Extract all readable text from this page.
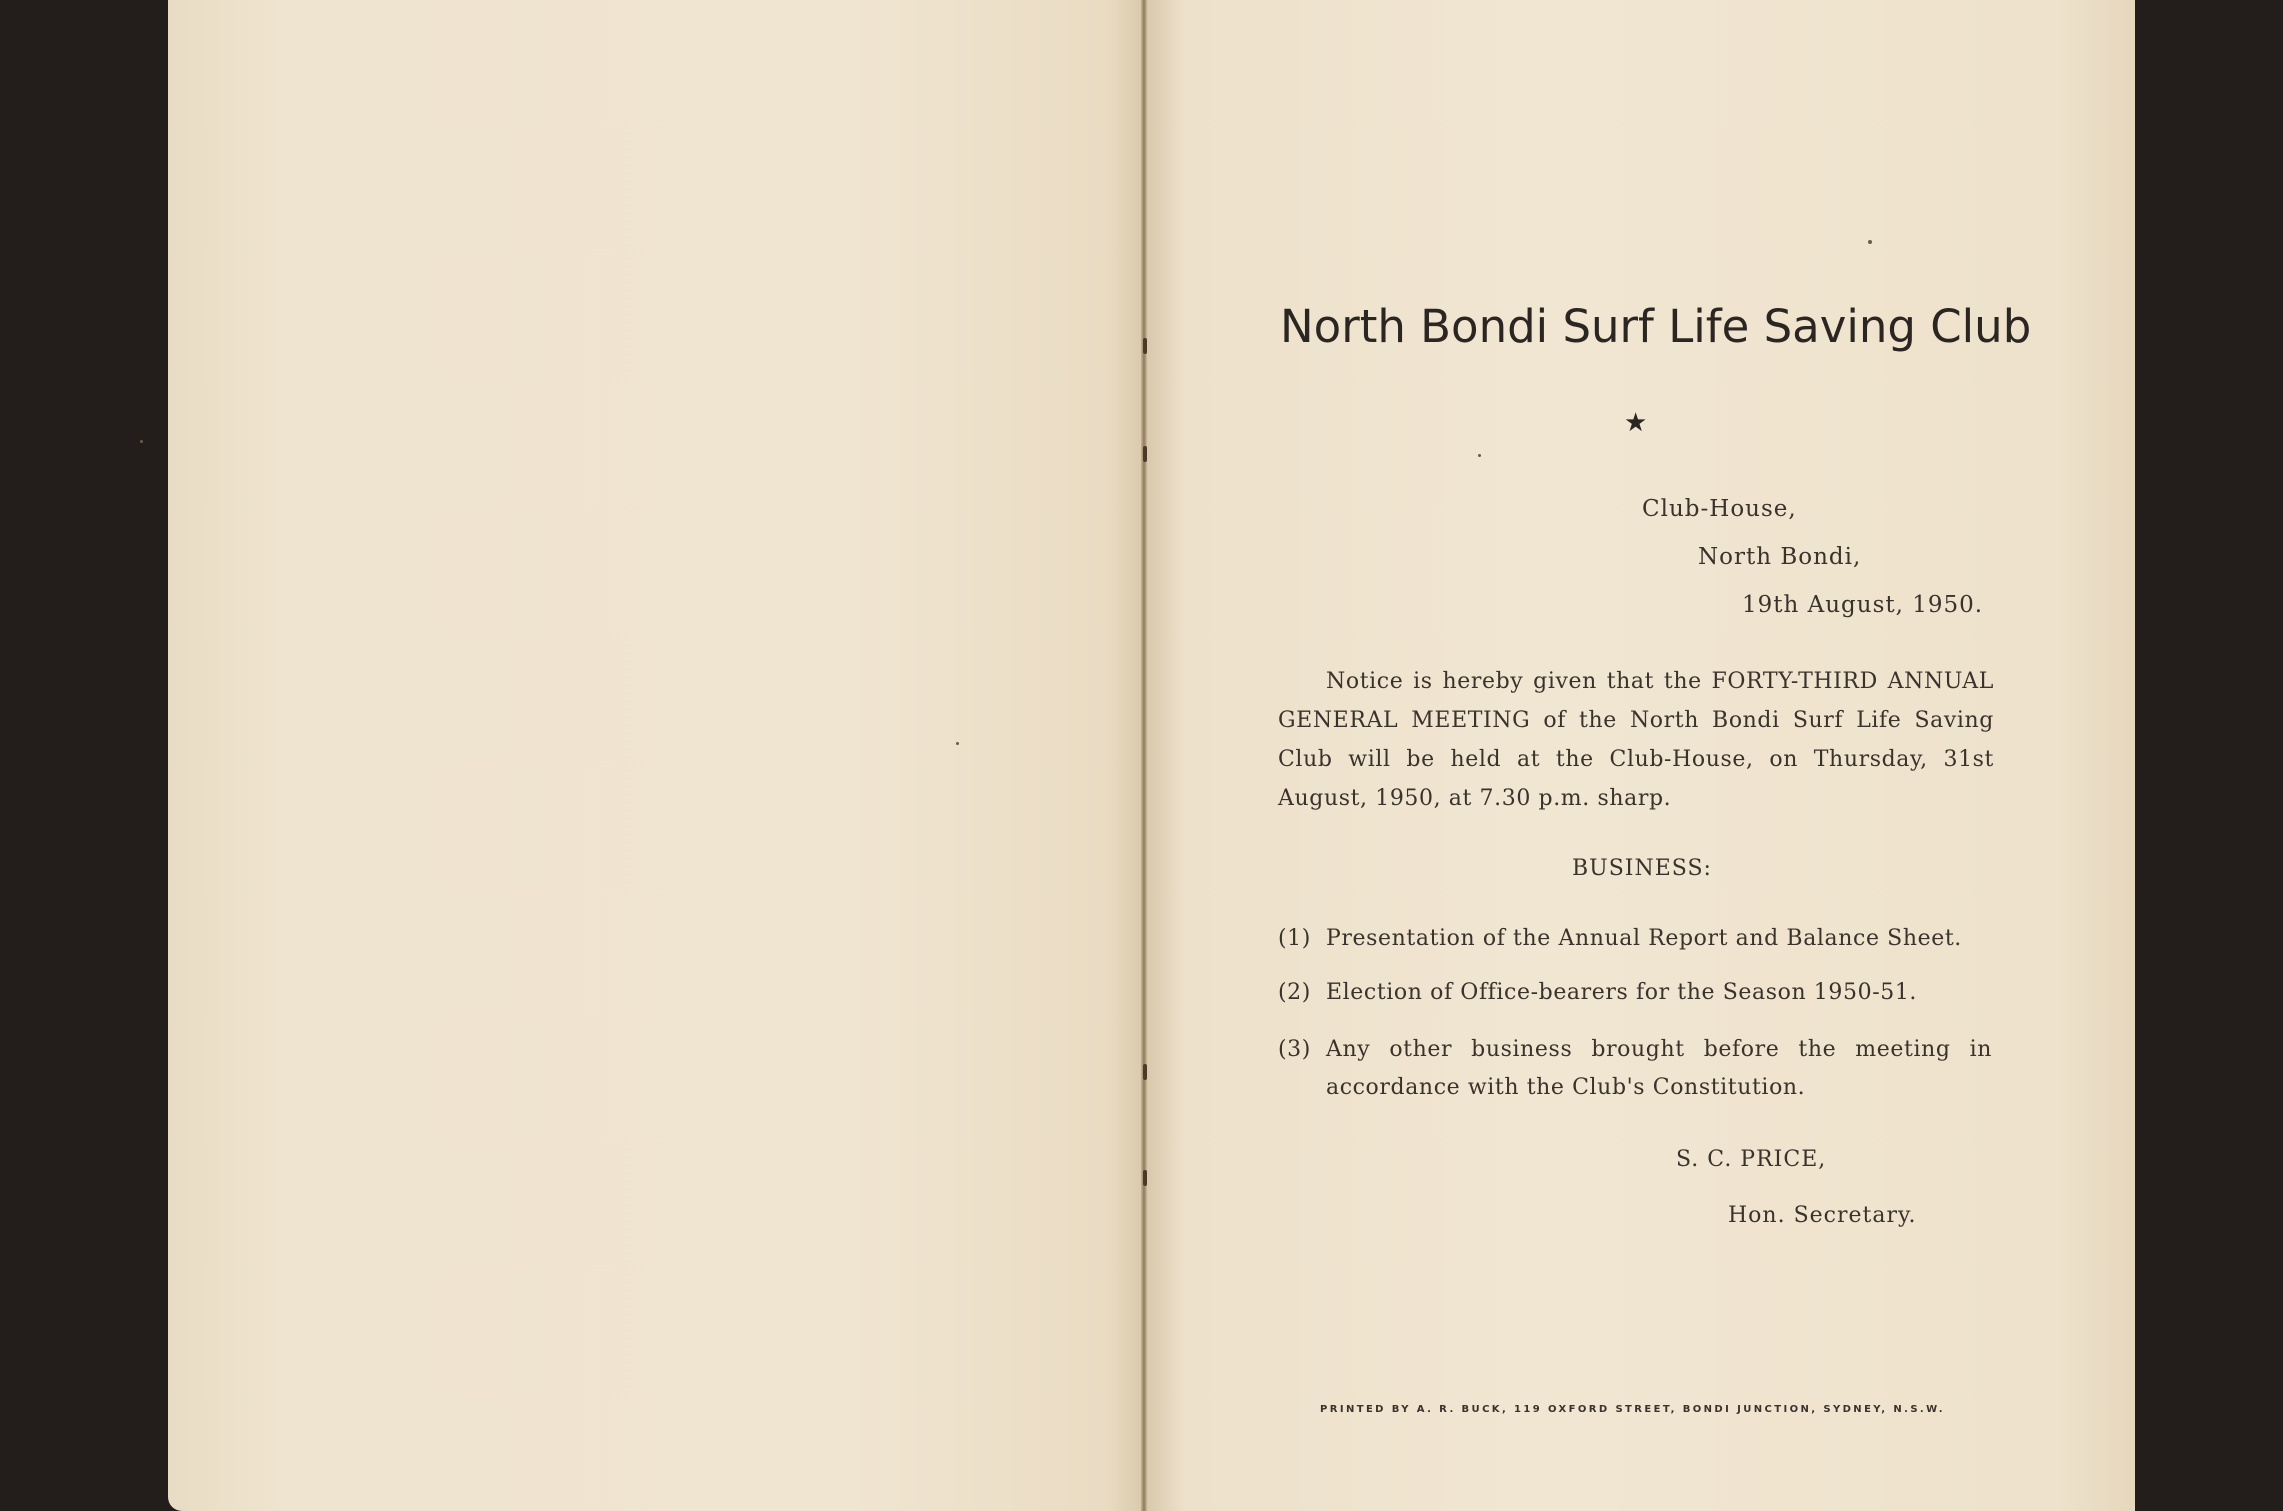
North Bondi Surf Life Saving Club
★
Club-House,
North Bondi,
19th August, 1950.
Notice is hereby given that the FORTY-THIRD ANNUAL GENERAL MEETING of the North Bondi Surf Life Saving Club will be held at the Club-House, on Thursday, 31st August, 1950, at 7.30 p.m. sharp.
BUSINESS:
(1) Presentation of the Annual Report and Balance Sheet.
(2) Election of Office-bearers for the Season 1950-51.
(3) Any other business brought before the meeting in accordance with the Club's Constitution.
S. C. PRICE,
Hon. Secretary.
PRINTED BY A. R. BUCK, 119 OXFORD STREET, BONDI JUNCTION, SYDNEY, N.S.W.
